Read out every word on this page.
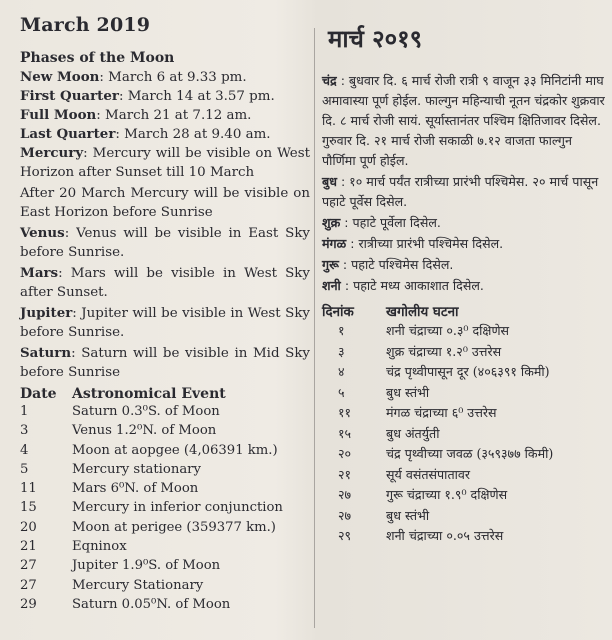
March 2019
Phases of the Moon

New Moon: March 6 at 9.33 pm.

First Quarter: March 14 at 3.57 pm.

Full Moon: March 21 at 7.12 am.

Last Quarter: March 28 at 9.40 am.

Mercury: Mercury will be visible on West Horizon after Sunset till 10 March

After 20 March Mercury will be visible on East Horizon before Sunrise

Venus: Venus will be visible in East Sky before Sunrise.

Mars: Mars will be visible in West Sky after Sunset.

Jupiter: Jupiter will be visible in West Sky before Sunrise.

Saturn: Saturn will be visible in Mid Sky before Sunrise

Date	Astronomical Event
1	Saturn 0.3⁰S. of Moon
3	Venus 1.2⁰N. of Moon
4	Moon at aopgee (4,06391 km.)
5	Mercury stationary
11	Mars 6⁰N. of Moon
15	Mercury in inferior conjunction
20	Moon at perigee (359377 km.)
21	Eqninox
27	Jupiter 1.9⁰S. of Moon
27	Mercury Stationary
29	Saturn 0.05⁰N. of Moon
मार्च २०१९

चंद्र : बुधवार दि. ६ मार्च रोजी रात्री ९ वाजून ३३ मिनिटांनी माघ अमावास्या पूर्ण होईल. फाल्गुन महिन्याची नूतन चंद्रकोर शुक्रवार दि. ८ मार्च रोजी सायं. सूर्यास्तानंतर पश्चिम क्षितिजावर दिसेल. गुरुवार दि. २१ मार्च रोजी सकाळी ७.१२ वाजता फाल्गुन पौर्णिमा पूर्ण होईल.

बुध : १० मार्च पर्यंत रात्रीच्या प्रारंभी पश्चिमेस. २० मार्च पासून पहाटे पूर्वेस दिसेल.

शुक्र : पहाटे पूर्वेला दिसेल.

मंगळ : रात्रीच्या प्रारंभी पश्चिमेस दिसेल.

गुरू : पहाटे पश्चिमेस दिसेल.

शनी : पहाटे मध्य आकाशात दिसेल.

दिनांक	खगोलीय घटना
१	शनी चंद्राच्या ०.३⁰ दक्षिणेस
३	शुक्र चंद्राच्या १.२⁰ उत्तरेस
४	चंद्र पृथ्वीपासून दूर (४०६३९१ किमी)
५	बुध स्तंभी
११	मंगळ चंद्राच्या ६⁰ उत्तरेस
१५	बुध अंतर्युती
२०	चंद्र पृथ्वीच्या जवळ (३५९३७७ किमी)
२१	सूर्य वसंतसंपातावर
२७	गुरू चंद्राच्या १.९⁰ दक्षिणेस
२७	बुध स्तंभी
२९	शनी चंद्राच्या ०.०५ उत्तरेस
